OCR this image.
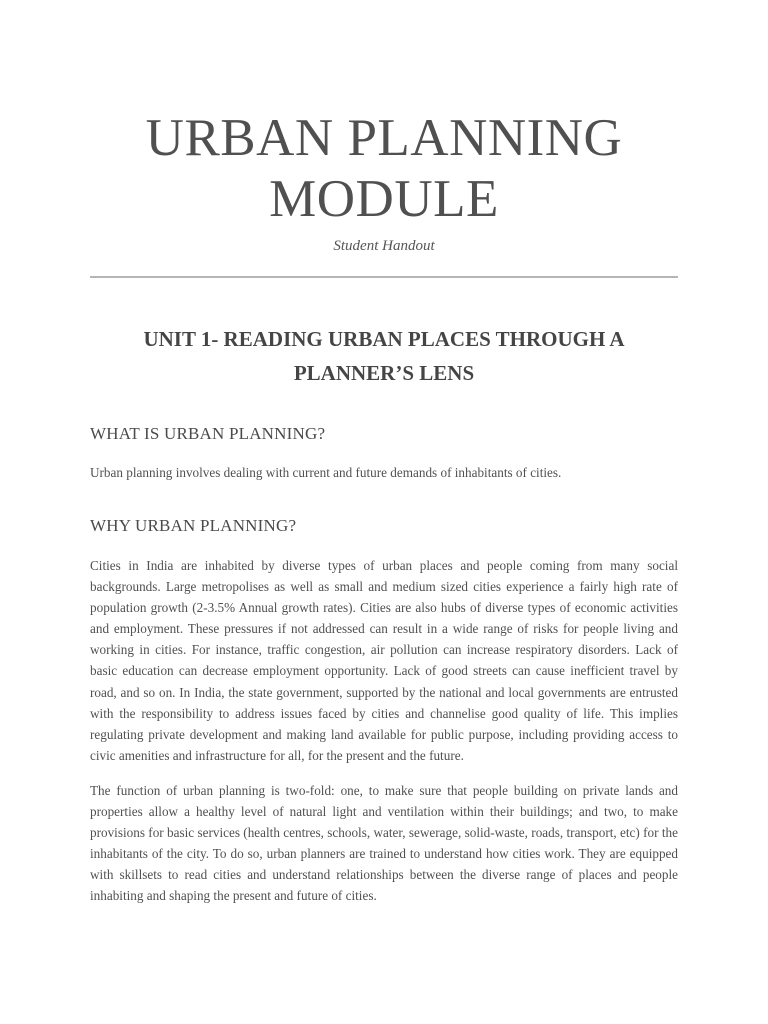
URBAN PLANNING
MODULE
Student Handout
UNIT 1- READING URBAN PLACES THROUGH A
PLANNER’S LENS
WHAT IS URBAN PLANNING?

Urban planning involves dealing with current and future demands of inhabitants of cities.

WHY URBAN PLANNING?

Cities in India are inhabited by diverse types of urban places and people coming from many social backgrounds. Large metropolises as well as small and medium sized cities experience a fairly high rate of population growth (2-3.5% Annual growth rates). Cities are also hubs of diverse types of economic activities and employment. These pressures if not addressed can result in a wide range of risks for people living and working in cities. For instance, traffic congestion, air pollution can increase respiratory disorders. Lack of basic education can decrease employment opportunity. Lack of good streets can cause inefficient travel by road, and so on. In India, the state government, supported by the national and local governments are entrusted with the responsibility to address issues faced by cities and channelise good quality of life. This implies regulating private development and making land available for public purpose, including providing access to civic amenities and infrastructure for all, for the present and the future.

The function of urban planning is two-fold: one, to make sure that people building on private lands and properties allow a healthy level of natural light and ventilation within their buildings; and two, to make provisions for basic services (health centres, schools, water, sewerage, solid-waste, roads, transport, etc) for the inhabitants of the city. To do so, urban planners are trained to understand how cities work. They are equipped with skillsets to read cities and understand relationships between the diverse range of places and people inhabiting and shaping the present and future of cities.
